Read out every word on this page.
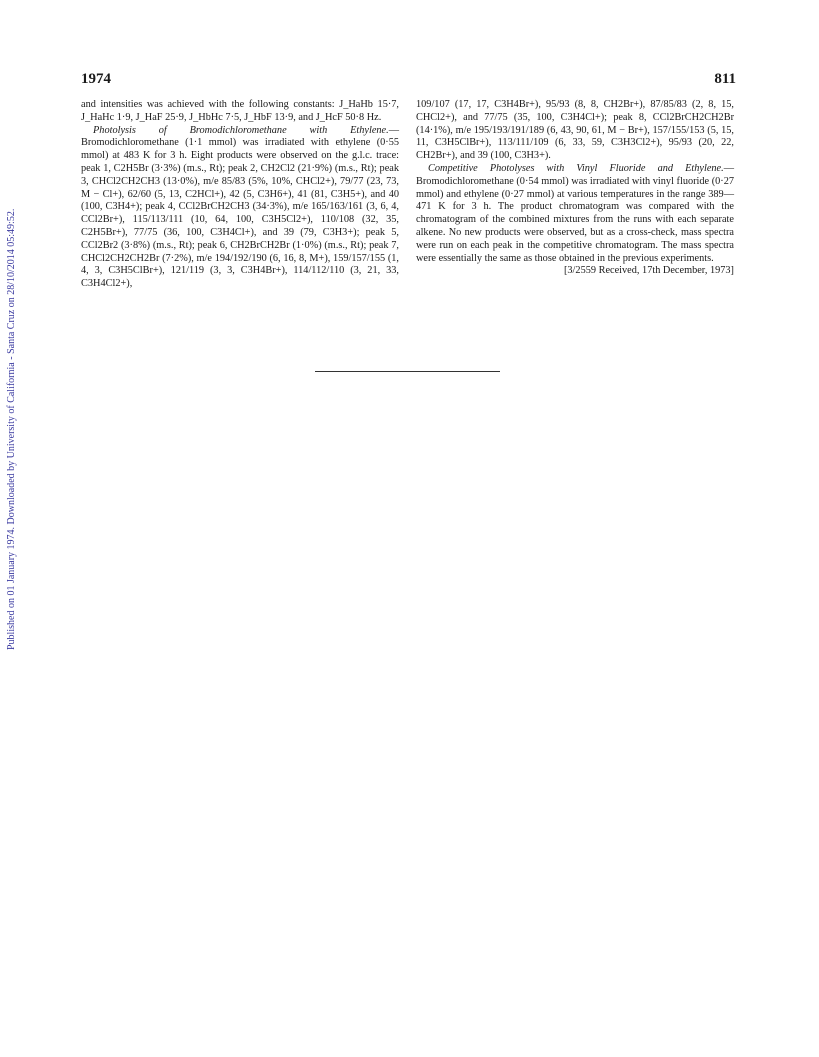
Published on 01 January 1974. Downloaded by University of California - Santa Cruz on 28/10/2014 05:49:52.
1974	811

and intensities was achieved with the following constants: J_HaHb 15·7, J_HaHc 1·9, J_HaF 25·9, J_HbHc 7·5, J_HbF 13·9, and J_HcF 50·8 Hz.

Photolysis of Bromodichloromethane with Ethylene.— Bromodichloromethane (1·1 mmol) was irradiated with ethylene (0·55 mmol) at 483 K for 3 h. Eight products were observed on the g.l.c. trace: peak 1, C2H5Br (3·3%) (m.s., Rt); peak 2, CH2Cl2 (21·9%) (m.s., Rt); peak 3, CHCl2CH2CH3 (13·0%), m/e 85/83 (5%, 10%, CHCl2+), 79/77 (23, 73, M − Cl+), 62/60 (5, 13, C2HCl+), 42 (5, C3H6+), 41 (81, C3H5+), and 40 (100, C3H4+); peak 4, CCl2BrCH2CH3 (34·3%), m/e 165/163/161 (3, 6, 4, CCl2Br+), 115/113/111 (10, 64, 100, C3H5Cl2+), 110/108 (32, 35, C2H5Br+), 77/75 (36, 100, C3H4Cl+), and 39 (79, C3H3+); peak 5, CCl2Br2 (3·8%) (m.s., Rt); peak 6, CH2BrCH2Br (1·0%) (m.s., Rt); peak 7, CHCl2CH2CH2Br (7·2%), m/e 194/192/190 (6, 16, 8, M+), 159/157/155 (1, 4, 3, C3H5ClBr+), 121/119 (3, 3, C3H4Br+), 114/112/110 (3, 21, 33, C3H4Cl2+),

109/107 (17, 17, C3H4Br+), 95/93 (8, 8, CH2Br+), 87/85/83 (2, 8, 15, CHCl2+), and 77/75 (35, 100, C3H4Cl+); peak 8, CCl2BrCH2CH2Br (14·1%), m/e 195/193/191/189 (6, 43, 90, 61, M − Br+), 157/155/153 (5, 15, 11, C3H5ClBr+), 113/111/109 (6, 33, 59, C3H3Cl2+), 95/93 (20, 22, CH2Br+), and 39 (100, C3H3+).

Competitive Photolyses with Vinyl Fluoride and Ethylene.—Bromodichloromethane (0·54 mmol) was irradiated with vinyl fluoride (0·27 mmol) and ethylene (0·27 mmol) at various temperatures in the range 389—471 K for 3 h. The product chromatogram was compared with the chromatogram of the combined mixtures from the runs with each separate alkene. No new products were observed, but as a cross-check, mass spectra were run on each peak in the competitive chromatogram. The mass spectra were essentially the same as those obtained in the previous experiments.

[3/2559 Received, 17th December, 1973]
